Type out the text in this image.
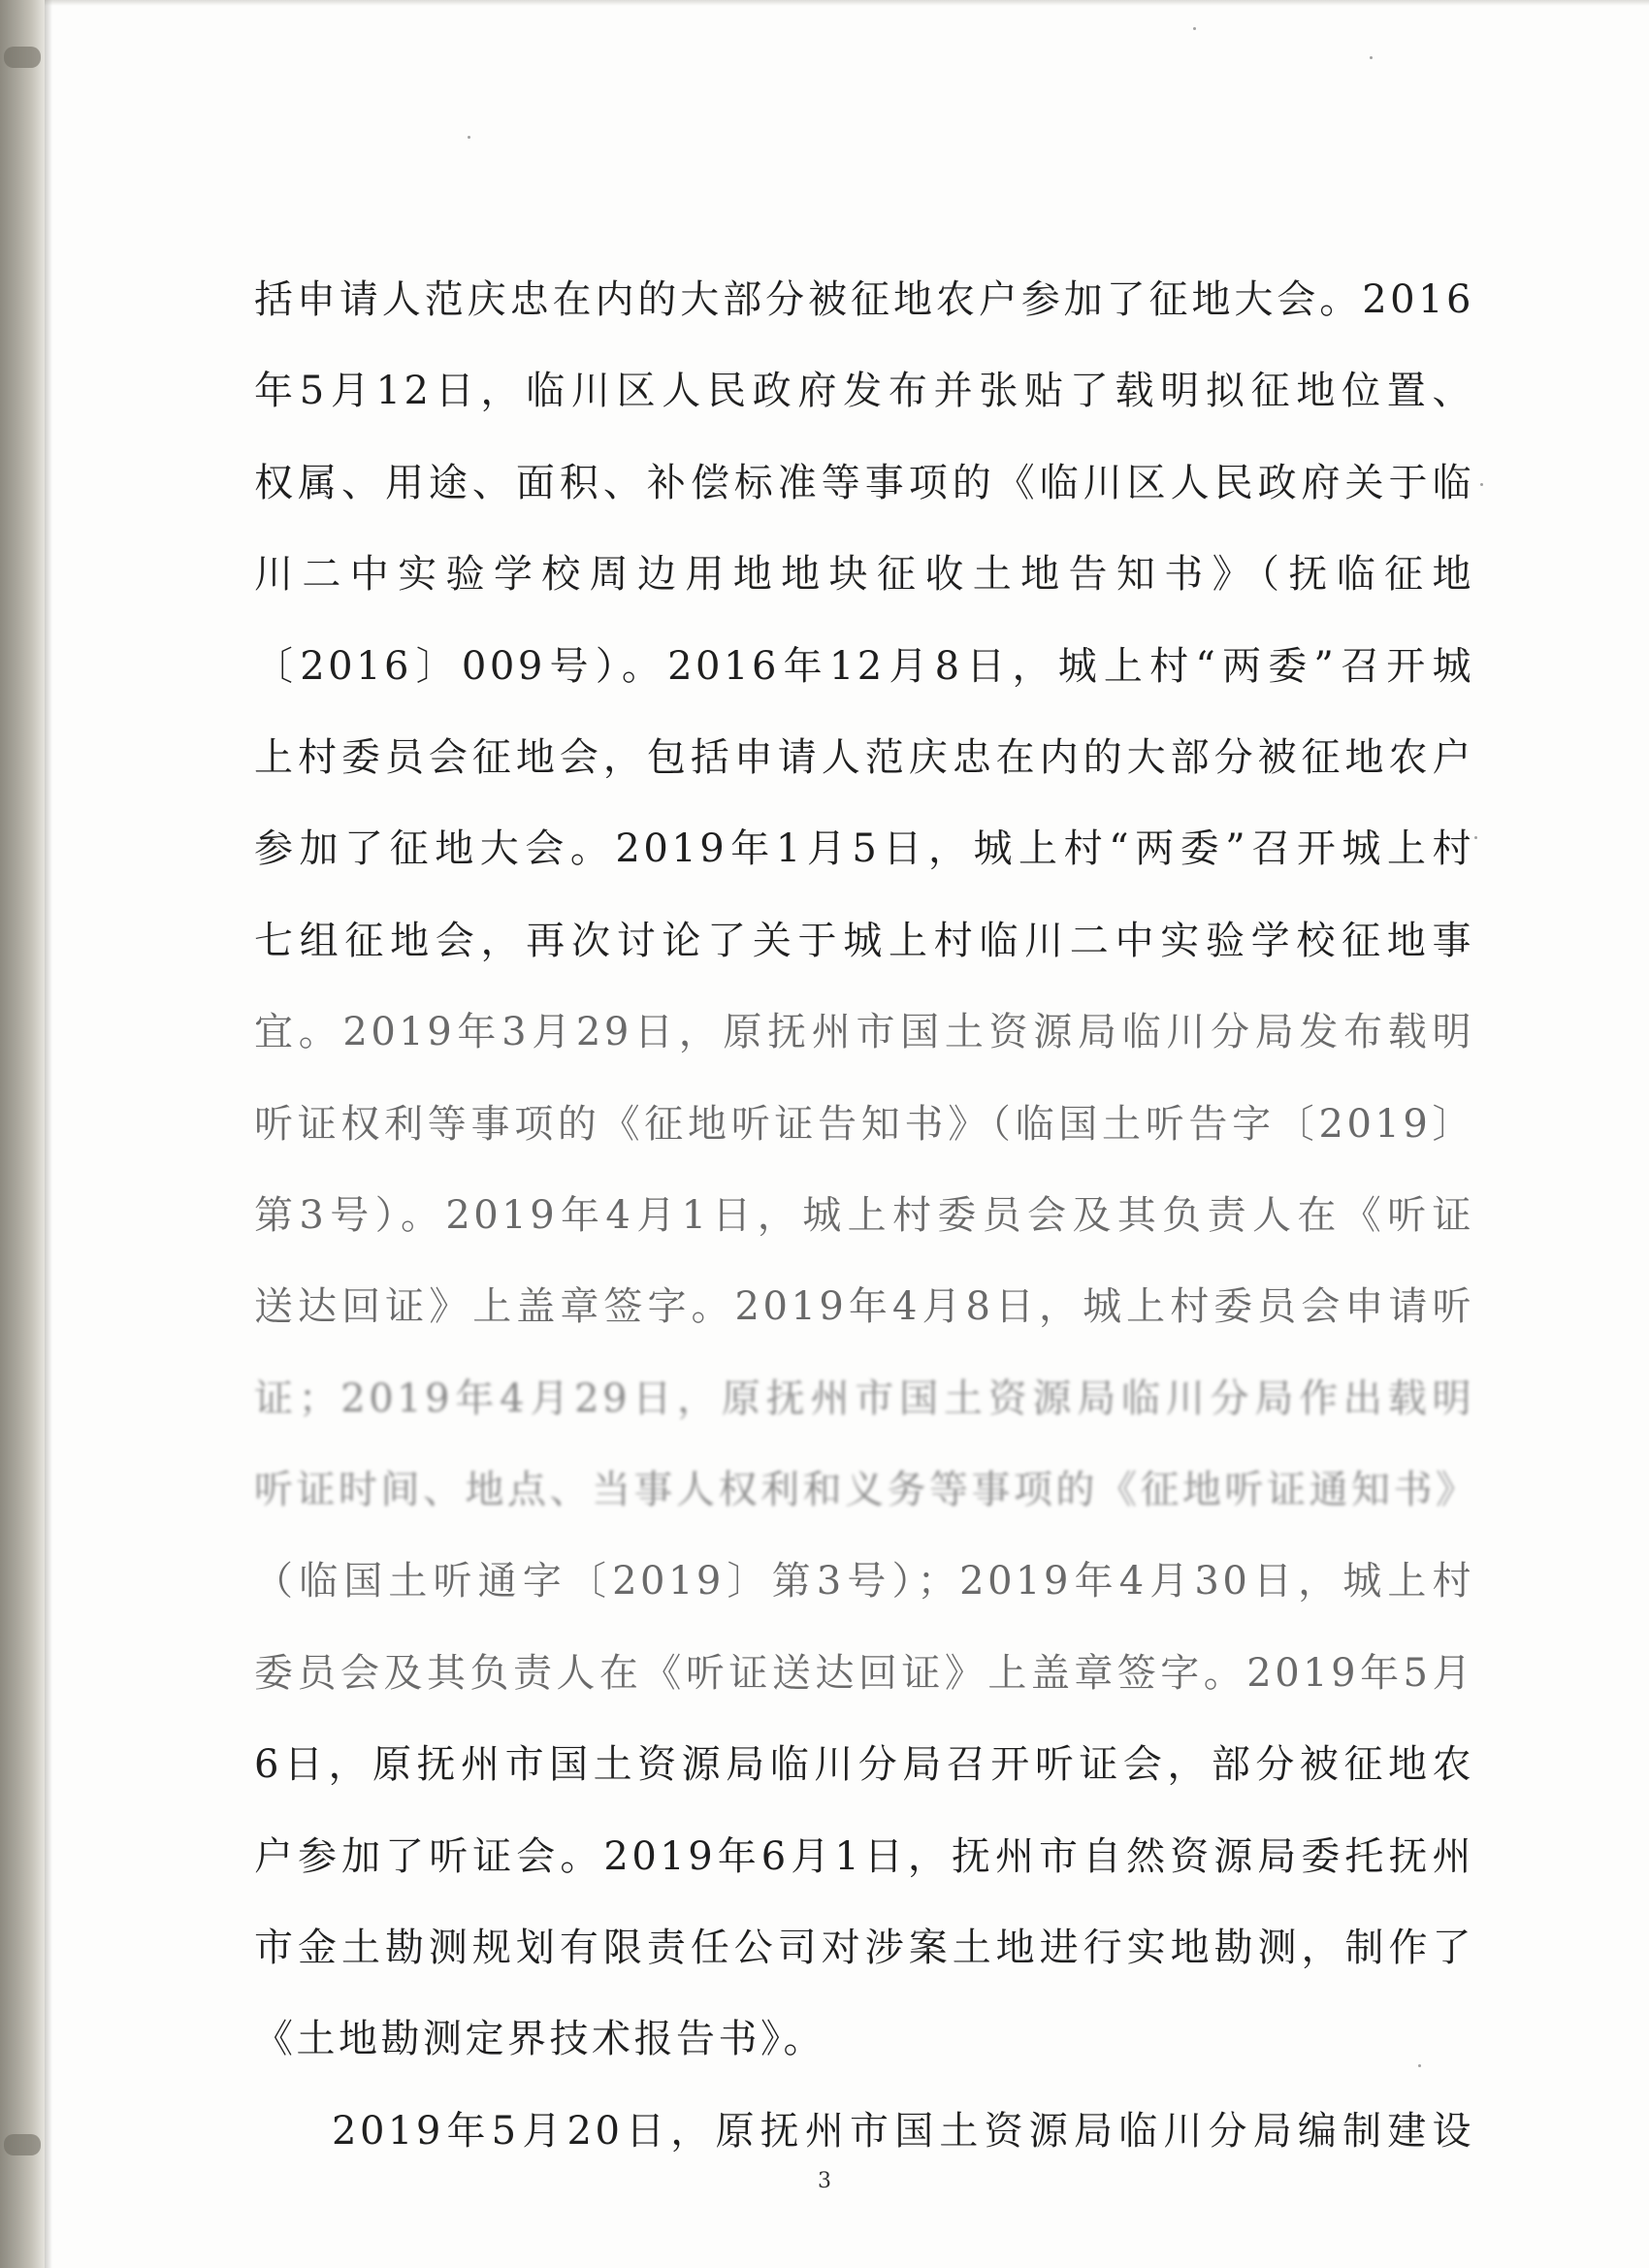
括申请人范庆忠在内的大部分被征地农户参加了征地大会。2016
年5月12日，临川区人民政府发布并张贴了载明拟征地位置、
权属、用途、面积、补偿标准等事项的《临川区人民政府关于临
川二中实验学校周边用地地块征收土地告知书》（抚临征地
〔2016〕009号）。2016年12月8日，城上村“两委”召开城
上村委员会征地会，包括申请人范庆忠在内的大部分被征地农户
参加了征地大会。2019年1月5日，城上村“两委”召开城上村
七组征地会，再次讨论了关于城上村临川二中实验学校征地事
宜。2019年3月29日，原抚州市国土资源局临川分局发布载明
听证权利等事项的《征地听证告知书》（临国土听告字〔2019〕
第3号）。2019年4月1日，城上村委员会及其负责人在《听证
送达回证》上盖章签字。2019年4月8日，城上村委员会申请听
证；2019年4月29日，原抚州市国土资源局临川分局作出载明
听证时间、地点、当事人权利和义务等事项的《征地听证通知书》
（临国土听通字〔2019〕第3号）；2019年4月30日，城上村
委员会及其负责人在《听证送达回证》上盖章签字。2019年5月
6日，原抚州市国土资源局临川分局召开听证会，部分被征地农
户参加了听证会。2019年6月1日，抚州市自然资源局委托抚州
市金土勘测规划有限责任公司对涉案土地进行实地勘测，制作了
《土地勘测定界技术报告书》。
2019年5月20日，原抚州市国土资源局临川分局编制建设
3
